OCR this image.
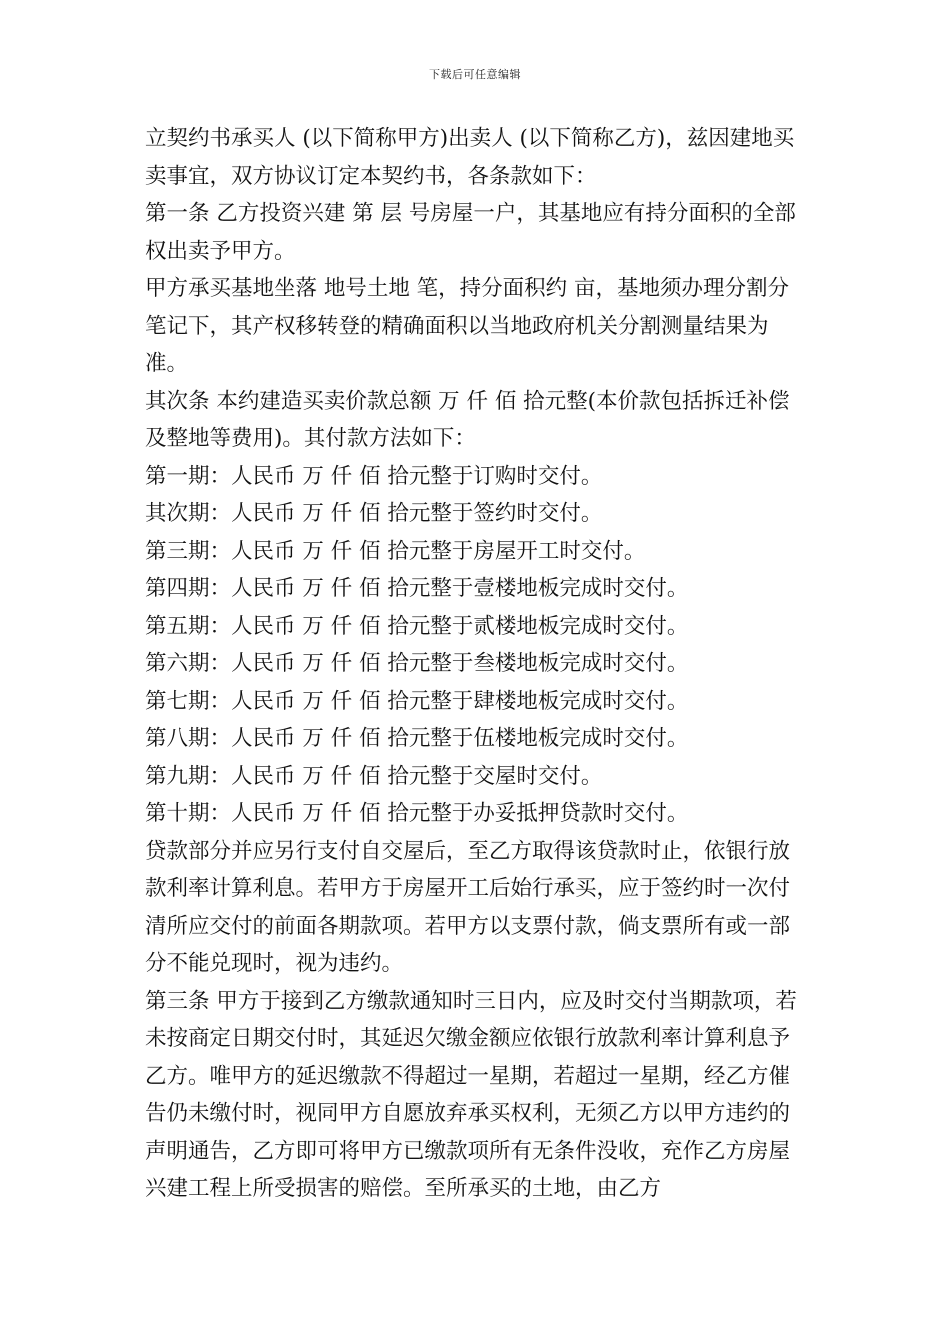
下载后可任意编辑

立契约书承买人 (以下简称甲方)出卖人 (以下简称乙方)，兹因建地买卖事宜，双方协议订定本契约书，各条款如下：

第一条 乙方投资兴建 第 层 号房屋一户，其基地应有持分面积的全部权出卖予甲方。

甲方承买基地坐落 地号土地 笔，持分面积约 亩，基地须办理分割分笔记下，其产权移转登的精确面积以当地政府机关分割测量结果为准。

其次条 本约建造买卖价款总额 万 仟 佰 拾元整(本价款包括拆迁补偿及整地等费用)。其付款方法如下：

第一期：人民币 万 仟 佰 拾元整于订购时交付。

其次期：人民币 万 仟 佰 拾元整于签约时交付。

第三期：人民币 万 仟 佰 拾元整于房屋开工时交付。

第四期：人民币 万 仟 佰 拾元整于壹楼地板完成时交付。

第五期：人民币 万 仟 佰 拾元整于贰楼地板完成时交付。

第六期：人民币 万 仟 佰 拾元整于叁楼地板完成时交付。

第七期：人民币 万 仟 佰 拾元整于肆楼地板完成时交付。

第八期：人民币 万 仟 佰 拾元整于伍楼地板完成时交付。

第九期：人民币 万 仟 佰 拾元整于交屋时交付。

第十期：人民币 万 仟 佰 拾元整于办妥抵押贷款时交付。

贷款部分并应另行支付自交屋后，至乙方取得该贷款时止，依银行放款利率计算利息。若甲方于房屋开工后始行承买，应于签约时一次付清所应交付的前面各期款项。若甲方以支票付款，倘支票所有或一部分不能兑现时，视为违约。

第三条 甲方于接到乙方缴款通知时三日内，应及时交付当期款项，若未按商定日期交付时，其延迟欠缴金额应依银行放款利率计算利息予乙方。唯甲方的延迟缴款不得超过一星期，若超过一星期，经乙方催告仍未缴付时，视同甲方自愿放弃承买权利，无须乙方以甲方违约的声明通告，乙方即可将甲方已缴款项所有无条件没收，充作乙方房屋兴建工程上所受损害的赔偿。至所承买的土地，由乙方
